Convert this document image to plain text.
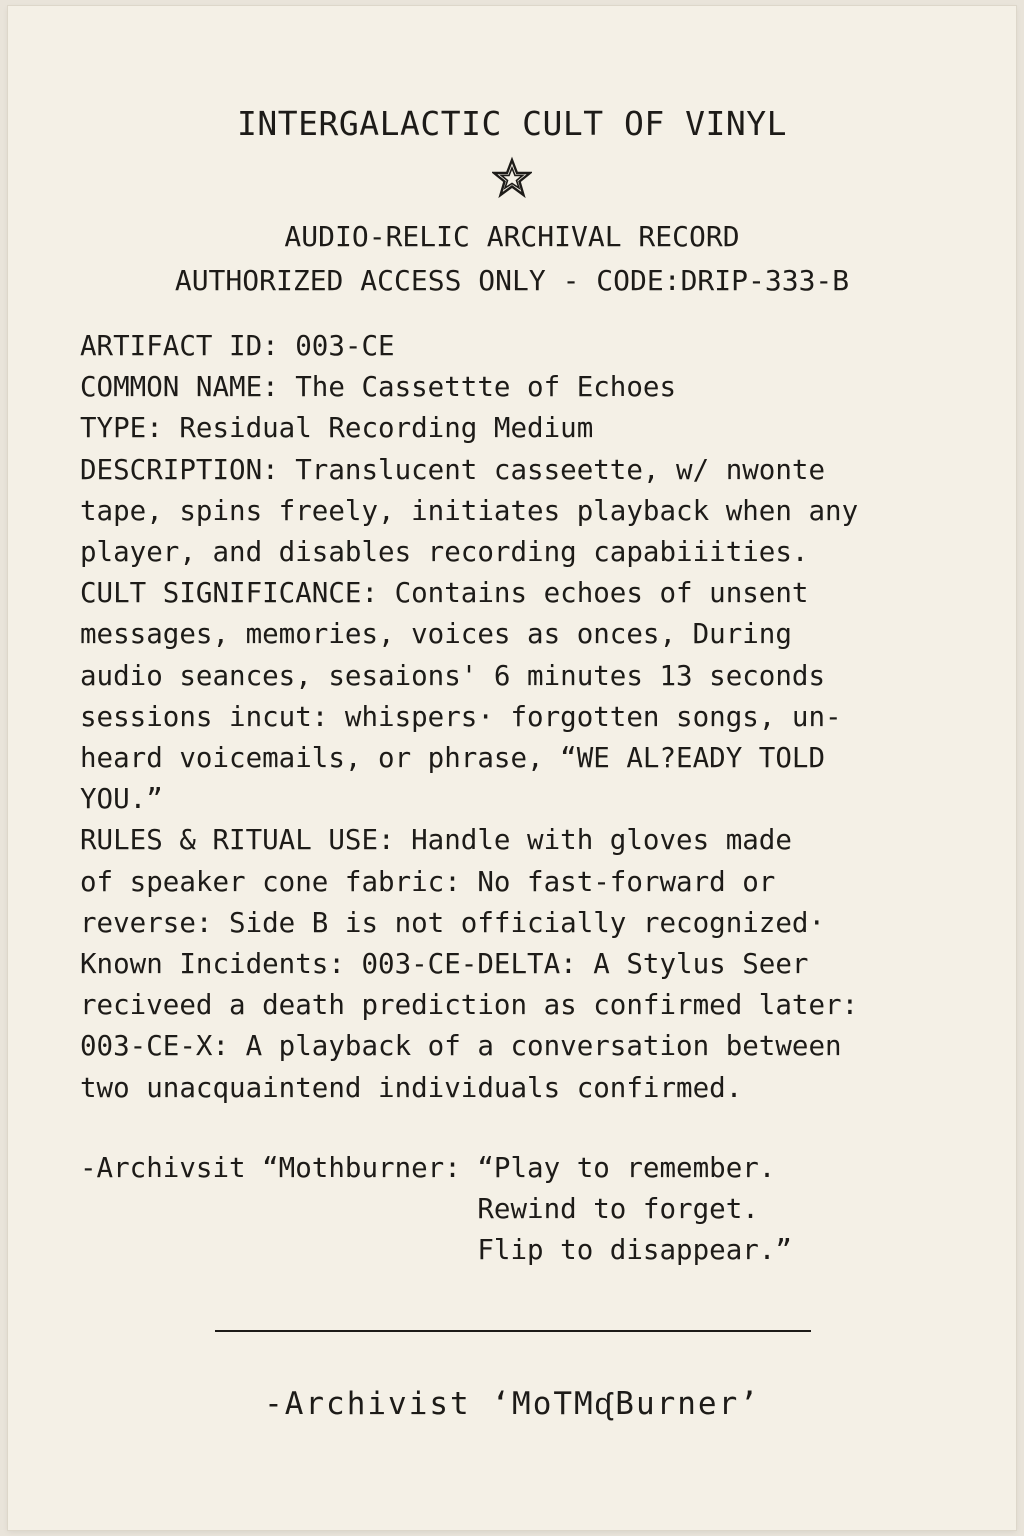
INTERGALACTIC CULT OF VINYL
AUDIO-RELIC ARCHIVAL RECORD
AUTHORIZED ACCESS ONLY - CODE:DRIP-333-B
ARTIFACT ID: 003-CE
COMMON NAME: The Cassettte of Echoes
TYPE: Residual Recording Medium
DESCRIPTION: Translucent casseette, w/ nwonte
tape, spins freely, initiates playback when any
player, and disables recording capabiiities.
CULT SIGNIFICANCE: Contains echoes of unsent
messages, memories, voices as onces, During
audio seances, sesaions' 6 minutes 13 seconds
sessions incut: whispers· forgotten songs, un-
heard voicemails, or phrase, “WE AL?EADY TOLD
YOU.”
RULES & RITUAL USE: Handle with gloves made
of speaker cone fabric: No fast-forward or
reverse: Side B is not officially recognized·
Known Incidents: 003-CE-DELTA: A Stylus Seer
reciveed a death prediction as confirmed later:
003-CE-X: A playback of a conversation between
two unacquaintend individuals confirmed.
-Archivsit “Mothburner: “Play to remember.
Rewind to forget.
Flip to disappear.”
-Archivist ‘MoTMᶑBurner’
